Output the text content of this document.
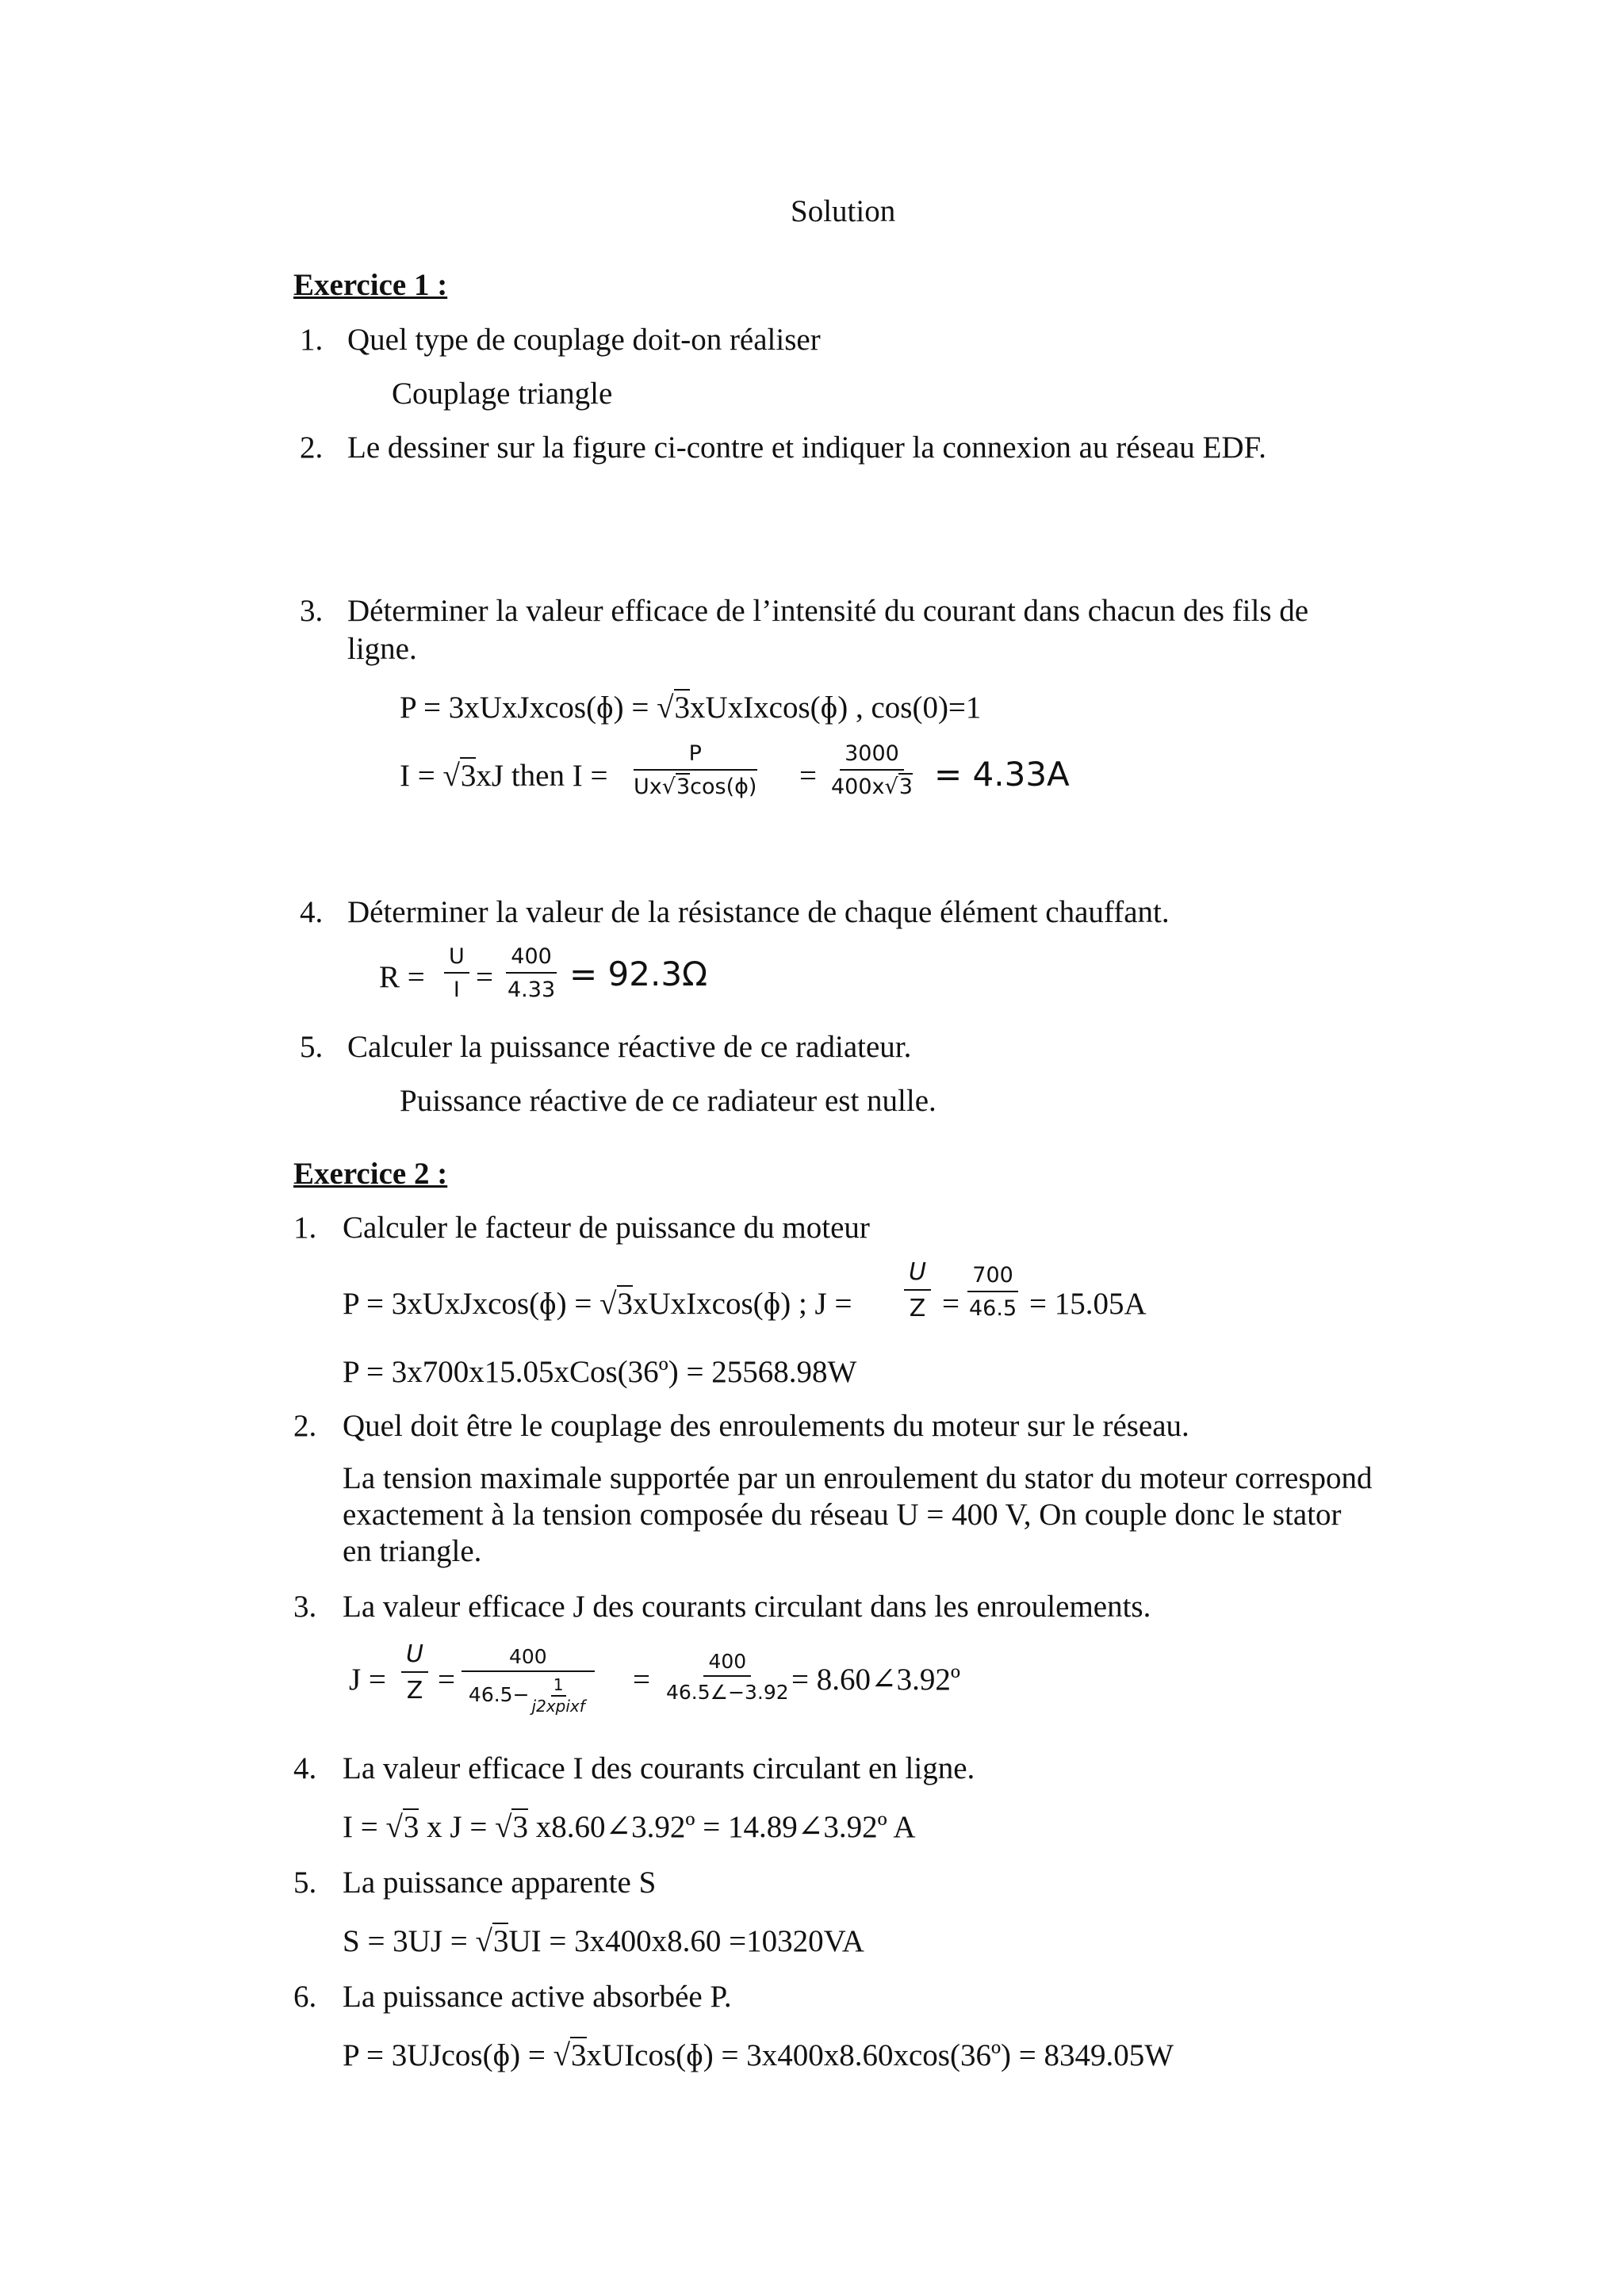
Solution
Exercice 1 :
1. Quel type de couplage doit-on réaliser
Couplage triangle
2. Le dessiner sur la figure ci-contre et indiquer la connexion au réseau EDF.
3. Déterminer la valeur efficace de l’intensité du courant dans chacun des fils de
ligne.
P = 3xUxJxcos(ɸ) = √3xUxIxcos(ɸ) , cos(0)=1
I = √3xJ then $I = \frac{P}{\text{Ux√3cos(ɸ)}} = \frac{3000}{400x√3} = 4.33A$
4. Déterminer la valeur de la résistance de chaque élément chauffant.
$R = \frac{U}{I} = \frac{400}{4.33} = 92.3\Omega$
5. Calculer la puissance réactive de ce radiateur.
Puissance réactive de ce radiateur est nulle.
Exercice 2 :
1. Calculer le facteur de puissance du moteur
P = 3xUxJxcos(ɸ) = √3xUxIxcos(ɸ) ; $J = \frac{U}{Z} = \frac{700}{46.5} = 15.05A$
P = 3x700x15.05xCos(36º) = 25568.98W
2. Quel doit être le couplage des enroulements du moteur sur le réseau.
La tension maximale supportée par un enroulement du stator du moteur correspond
exactement à la tension composée du réseau U = 400 V, On couple donc le stator
en triangle.
3. La valeur efficace J des courants circulant dans les enroulements.
$J = \frac{U}{Z}$ =
400
$46.5- \frac{1}{\text{j2xpixf}} = \frac{400}{46.5\angle-3.92}$
= 8.60∠3.92º
4. La valeur efficace I des courants circulant en ligne.
I = √3 x J = √3 x8.60∠3.92º = 14.89∠3.92º A
5. La puissance apparente S
S = 3UJ = √3UI = 3x400x8.60 =10320VA
6. La puissance active absorbée P.
P = 3UJcos(ɸ) = √3xUIcos(ɸ) = 3x400x8.60xcos(36º) = 8349.05W
